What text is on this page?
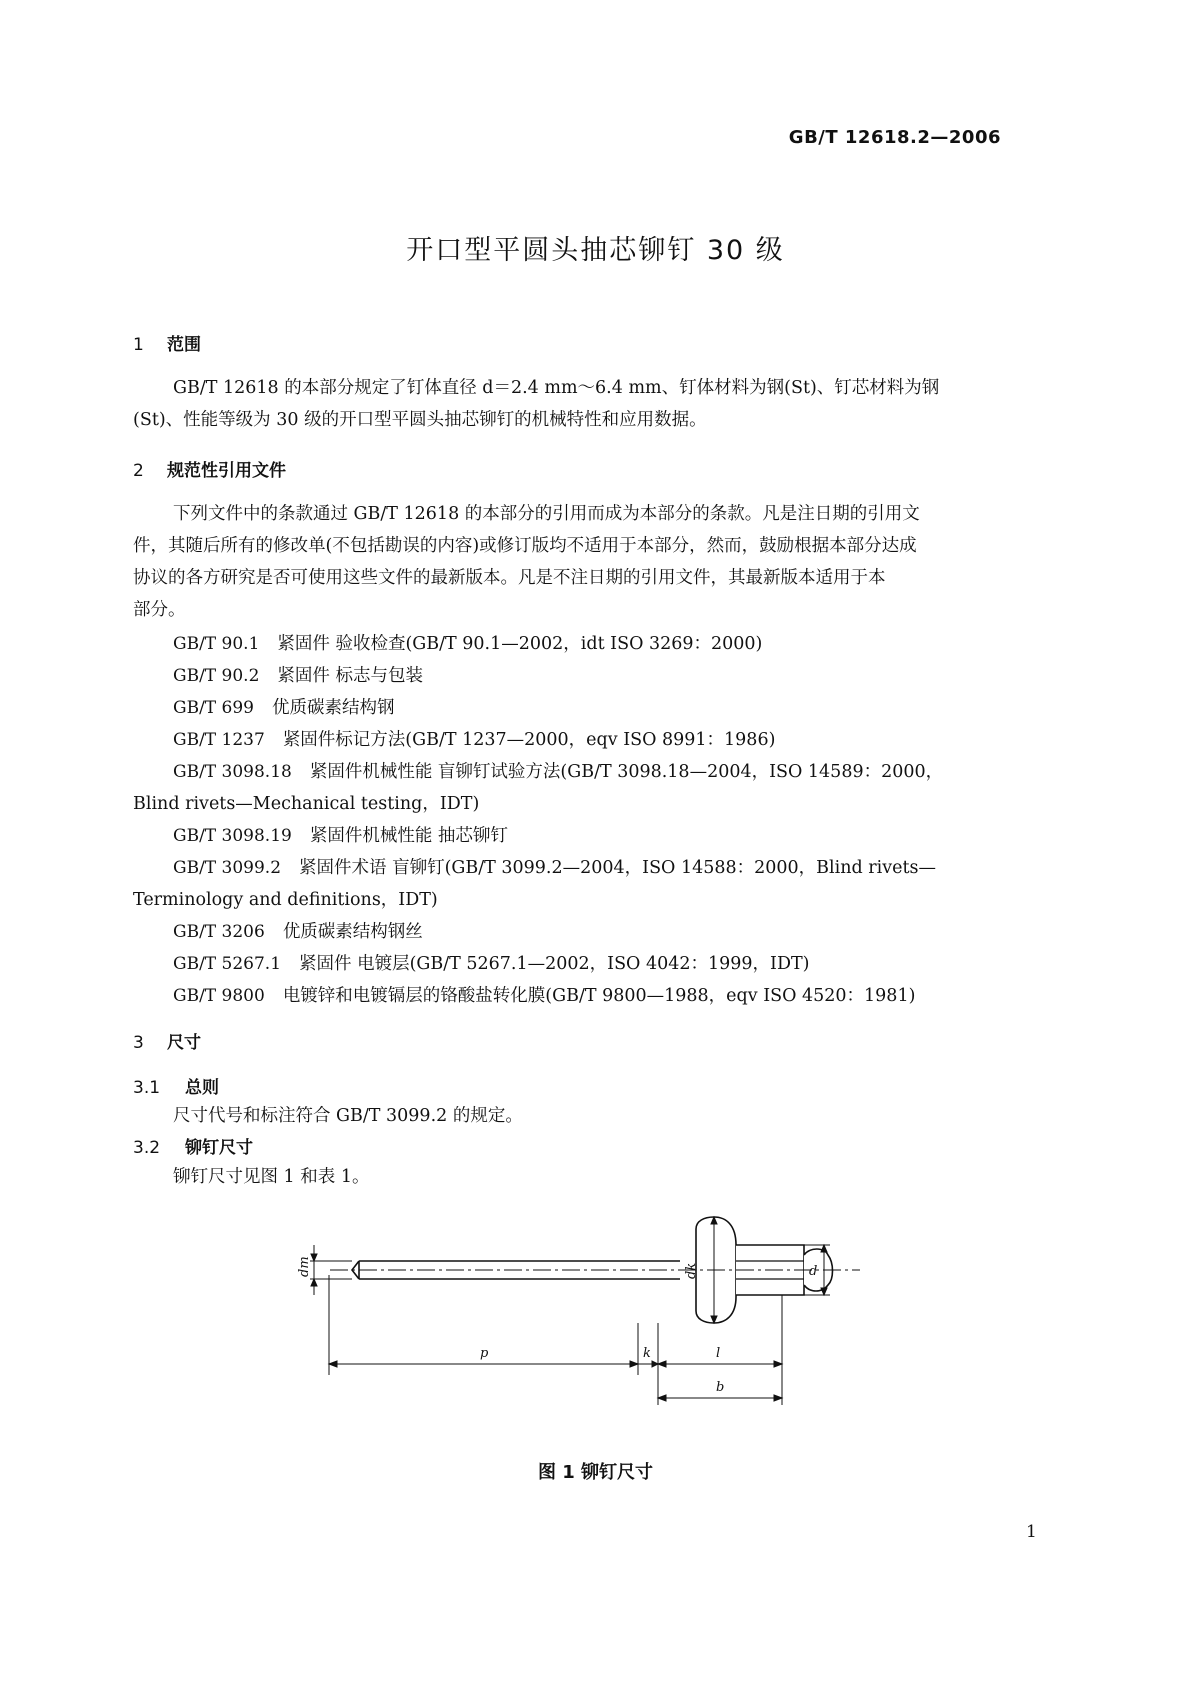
GB/T 12618.2—2006
开口型平圆头抽芯铆钉 30 级
1 范围
GB/T 12618 的本部分规定了钉体直径 d＝2.4 mm～6.4 mm、钉体材料为钢(St)、钉芯材料为钢
(St)、性能等级为 30 级的开口型平圆头抽芯铆钉的机械特性和应用数据。
2 规范性引用文件
下列文件中的条款通过 GB/T 12618 的本部分的引用而成为本部分的条款。凡是注日期的引用文
件，其随后所有的修改单(不包括勘误的内容)或修订版均不适用于本部分，然而，鼓励根据本部分达成
协议的各方研究是否可使用这些文件的最新版本。凡是不注日期的引用文件，其最新版本适用于本
部分。
GB/T 90.1 紧固件 验收检查(GB/T 90.1—2002，idt ISO 3269：2000)
GB/T 90.2 紧固件 标志与包装
GB/T 699 优质碳素结构钢
GB/T 1237 紧固件标记方法(GB/T 1237—2000，eqv ISO 8991：1986)
GB/T 3098.18 紧固件机械性能 盲铆钉试验方法(GB/T 3098.18—2004，ISO 14589：2000，
Blind rivets—Mechanical testing，IDT)
GB/T 3098.19 紧固件机械性能 抽芯铆钉
GB/T 3099.2 紧固件术语 盲铆钉(GB/T 3099.2—2004，ISO 14588：2000，Blind rivets—
Terminology and definitions，IDT)
GB/T 3206 优质碳素结构钢丝
GB/T 5267.1 紧固件 电镀层(GB/T 5267.1—2002，ISO 4042：1999，IDT)
GB/T 9800 电镀锌和电镀镉层的铬酸盐转化膜(GB/T 9800—1988，eqv ISO 4520：1981)
3 尺寸
3.1 总则
尺寸代号和标注符合 GB/T 3099.2 的规定。
3.2 铆钉尺寸
铆钉尺寸见图 1 和表 1。
dm	dk	d
p	k	l
b
图 1 铆钉尺寸
1
